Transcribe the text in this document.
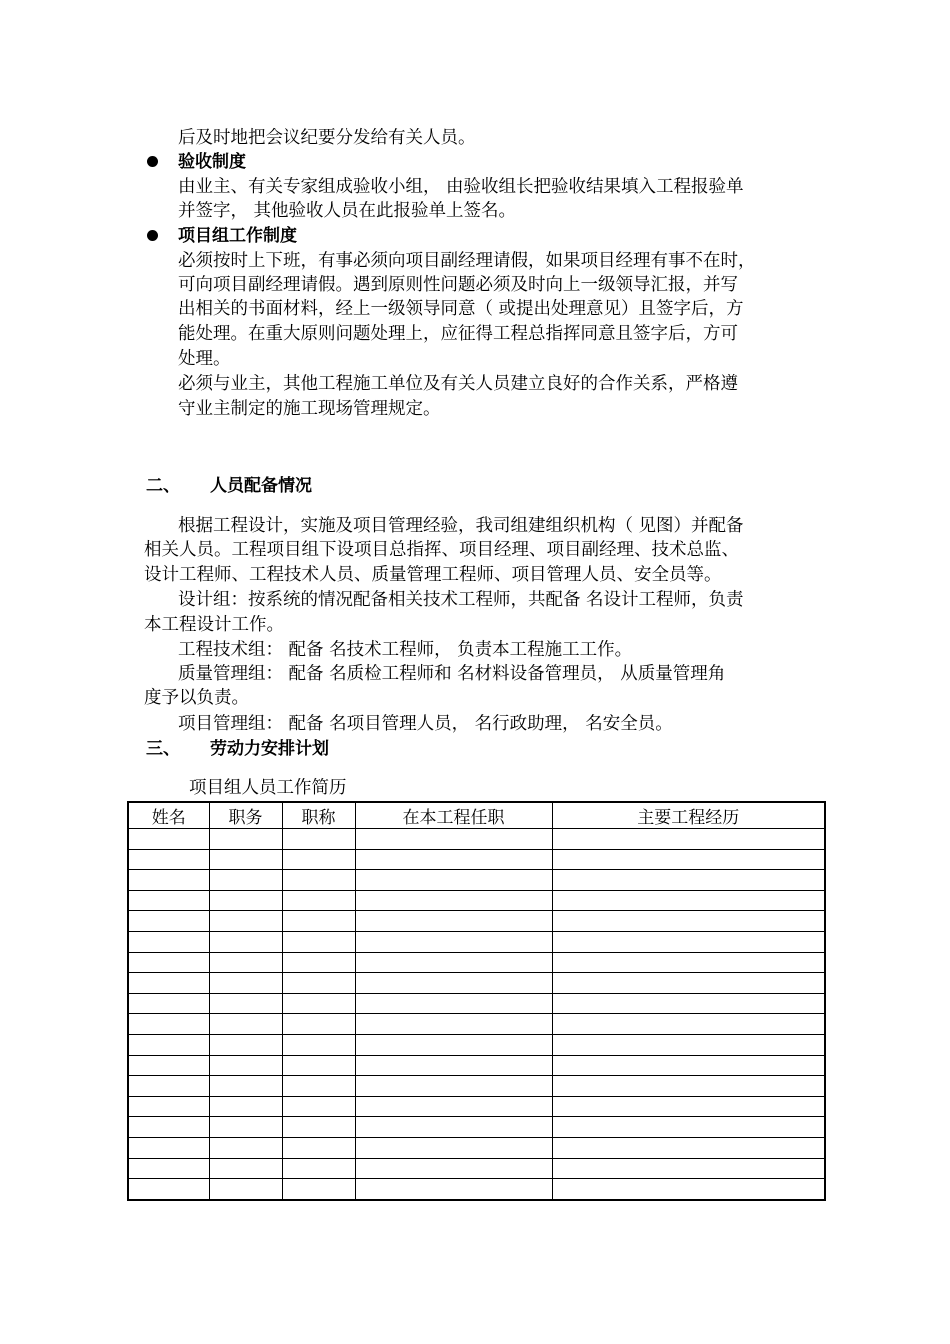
后及时地把会议纪要分发给有关人员。
验收制度
由业主、有关专家组成验收小组， 由验收组长把验收结果填入工程报验单
并签字， 其他验收人员在此报验单上签名。
项目组工作制度
必须按时上下班，有事必须向项目副经理请假，如果项目经理有事不在时，
可向项目副经理请假。遇到原则性问题必须及时向上一级领导汇报，并写
出相关的书面材料，经上一级领导同意（ 或提出处理意见）且签字后，方
能处理。在重大原则问题处理上，应征得工程总指挥同意且签字后，方可
处理。
必须与业主，其他工程施工单位及有关人员建立良好的合作关系，严格遵
守业主制定的施工现场管理规定。
二、 人员配备情况
根据工程设计，实施及项目管理经验，我司组建组织机构（ 见图）并配备
相关人员。工程项目组下设项目总指挥、项目经理、项目副经理、技术总监、
设计工程师、工程技术人员、质量管理工程师、项目管理人员、安全员等。
设计组：按系统的情况配备相关技术工程师，共配备 名设计工程师，负责
本工程设计工作。
工程技术组： 配备 名技术工程师， 负责本工程施工工作。
质量管理组： 配备 名质检工程师和 名材料设备管理员， 从质量管理角
度予以负责。
项目管理组： 配备 名项目管理人员， 名行政助理， 名安全员。
三、 劳动力安排计划
项目组人员工作简历
姓名	职务	职称	在本工程任职	主要工程经历
